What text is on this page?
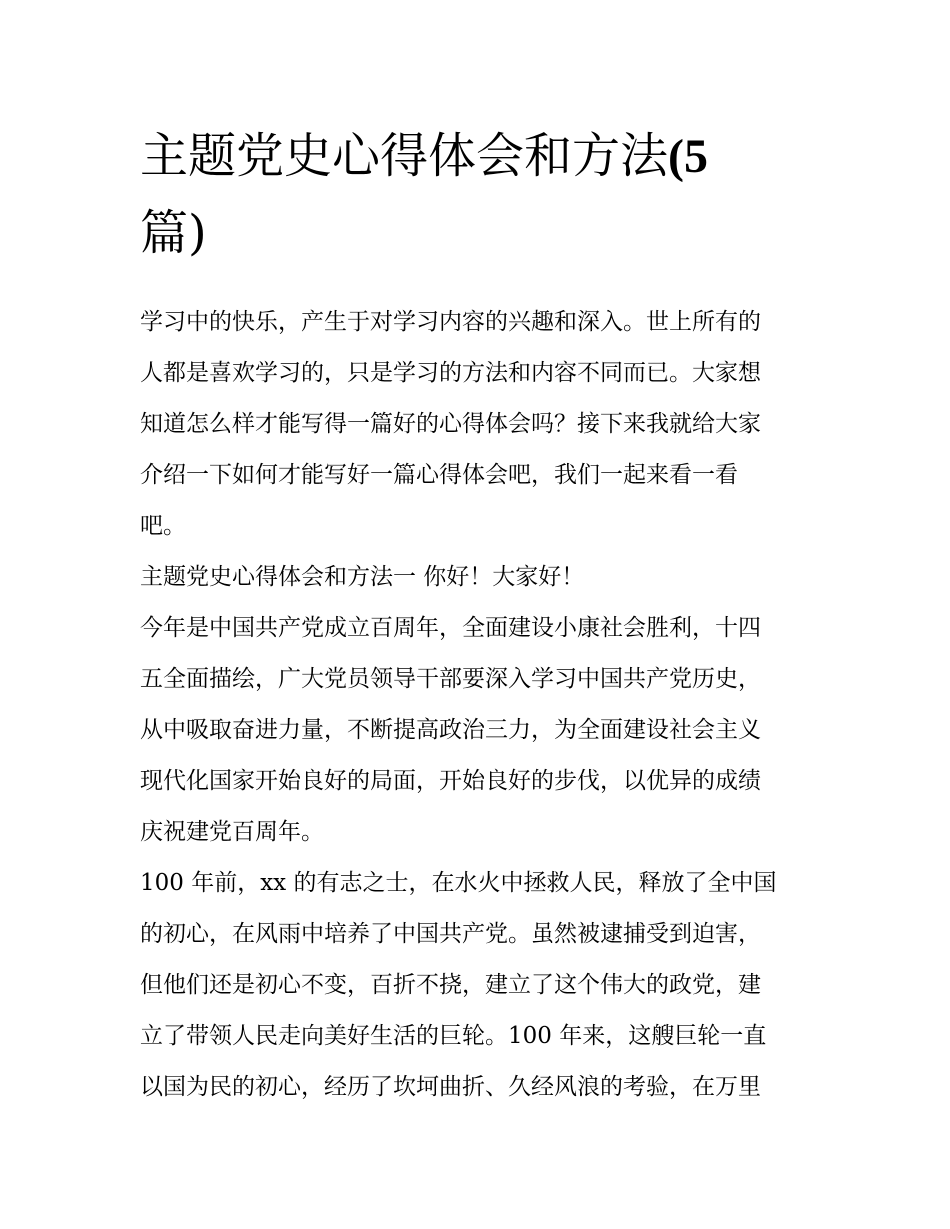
主题党史心得体会和方法(5
篇)

学习中的快乐，产生于对学习内容的兴趣和深入。世上所有的
人都是喜欢学习的，只是学习的方法和内容不同而已。大家想
知道怎么样才能写得一篇好的心得体会吗？接下来我就给大家
介绍一下如何才能写好一篇心得体会吧，我们一起来看一看
吧。

主题党史心得体会和方法一 你好！大家好！

今年是中国共产党成立百周年，全面建设小康社会胜利，十四
五全面描绘，广大党员领导干部要深入学习中国共产党历史，
从中吸取奋进力量，不断提高政治三力，为全面建设社会主义
现代化国家开始良好的局面，开始良好的步伐，以优异的成绩
庆祝建党百周年。

100 年前，xx 的有志之士，在水火中拯救人民，释放了全中国
的初心，在风雨中培养了中国共产党。虽然被逮捕受到迫害，
但他们还是初心不变，百折不挠，建立了这个伟大的政党，建
立了带领人民走向美好生活的巨轮。100 年来，这艘巨轮一直
以国为民的初心，经历了坎坷曲折、久经风浪的考验，在万里
